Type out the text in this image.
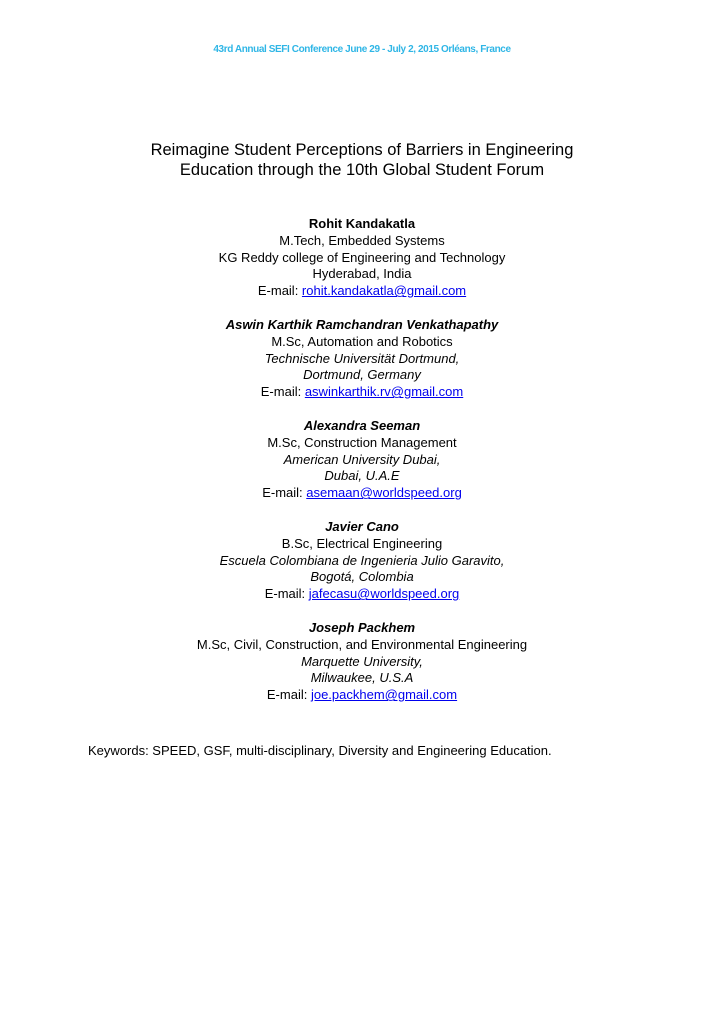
43rd Annual SEFI Conference June 29 - July 2, 2015 Orléans, France
Reimagine Student Perceptions of Barriers in Engineering
Education through the 10th Global Student Forum
Rohit Kandakatla
M.Tech, Embedded Systems
KG Reddy college of Engineering and Technology
Hyderabad, India
E-mail: rohit.kandakatla@gmail.com
Aswin Karthik Ramchandran Venkathapathy
M.Sc, Automation and Robotics
Technische Universität Dortmund,
Dortmund, Germany
E-mail: aswinkarthik.rv@gmail.com
Alexandra Seeman
M.Sc, Construction Management
American University Dubai,
Dubai, U.A.E
E-mail: asemaan@worldspeed.org
Javier Cano
B.Sc, Electrical Engineering
Escuela Colombiana de Ingenieria Julio Garavito,
Bogotá, Colombia
E-mail: jafecasu@worldspeed.org
Joseph Packhem
M.Sc, Civil, Construction, and Environmental Engineering
Marquette University,
Milwaukee, U.S.A
E-mail: joe.packhem@gmail.com
Keywords: SPEED, GSF, multi-disciplinary, Diversity and Engineering Education.
